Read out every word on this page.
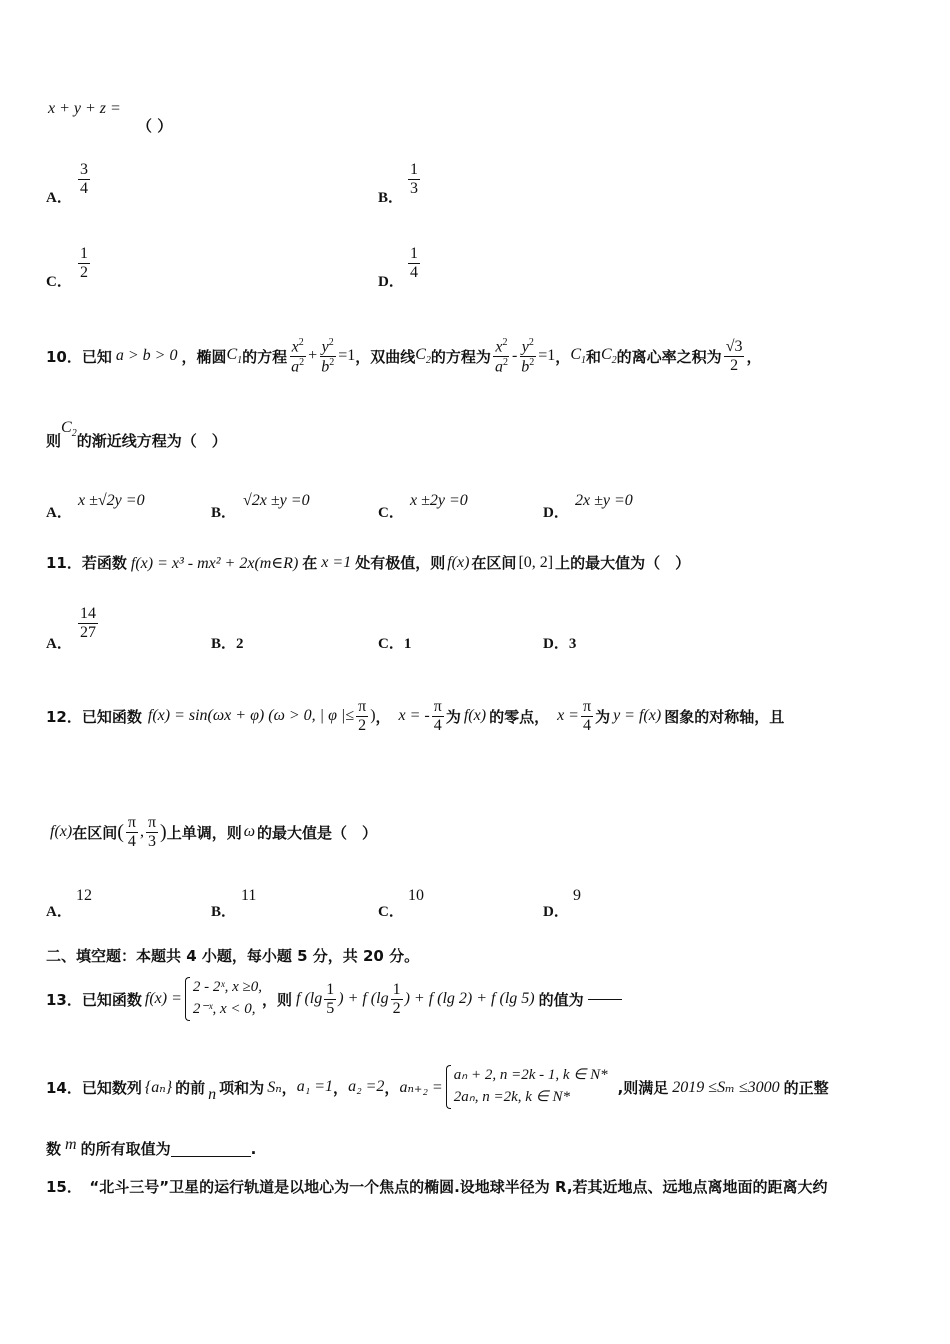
x + y + z =
（ ）
A．
$\frac{3}{4}$
B．
$\frac{1}{3}$
C．
$\frac{1}{2}$
D．
$\frac{1}{4}$
10．已知 a > b > 0 ，椭圆 $C_1$ 的方程 $\frac{x^2}{a^2} + \frac{y^2}{b^2} =1$ ，双曲线 $C_2$ 的方程为 $\frac{x^2}{a^2} - \frac{y^2}{b^2} =1$ ， $C_1$ 和 $C_2$ 的离心率之积为 $\frac{√3}{2}$ ，
则
$C_2$ 的渐近线方程为（　）
A．
x ±√2y =0
B．
√2x ±y =0
C．
x ±2y =0
D．
2x ±y =0
11．若函数 f(x) = x³ - mx² + 2x(m∈R) 在 x =1 处有极值，则 f(x) 在区间 [0, 2] 上的最大值为（　）
A．
$\frac{14}{27}$
B．2	C．1	D．3
12．已知函数 f(x) = sin(ωx + φ) (ω > 0, | φ |≤ $\frac{\pi}{2}$ ) ， x = - $\frac{\pi}{4}$ 为 f(x) 的零点， $x = \frac{\pi}{4}$ 为 y = f(x) 图象的对称轴，且
f(x) 在区间 ( $\frac{\pi}{4}$ , $\frac{\pi}{3}$ ) 上单调，则 ω 的最大值是（　）
A．
12
B．
11
C．
10
D．
9
二、填空题：本题共 4 小题，每小题 5 分，共 20 分。
13．已知函数 f(x) =
2 - 2ˣ, x ≥0,
2⁻ˣ, x < 0,
，则 f ($\lg \frac{1}{5}$ ) + f ($\lg \frac{1}{2}$ ) + f (lg 2) + f (lg 5) 的值为
14．已知数列 {aₙ} 的前 n 项和为 Sₙ ， a₁ =1 ， a₂ =2 ， aₙ₊₂ =
aₙ + 2, n =2k - 1, k ∈ N*
2aₙ, n =2k, k ∈ N*
,则满足 2019 ≤Sₘ ≤3000 的正整
数 m 的所有取值为	.
15．　“北斗三号”卫星的运行轨道是以地心为一个焦点的椭圆.设地球半径为 R,若其近地点、远地点离地面的距离大约
